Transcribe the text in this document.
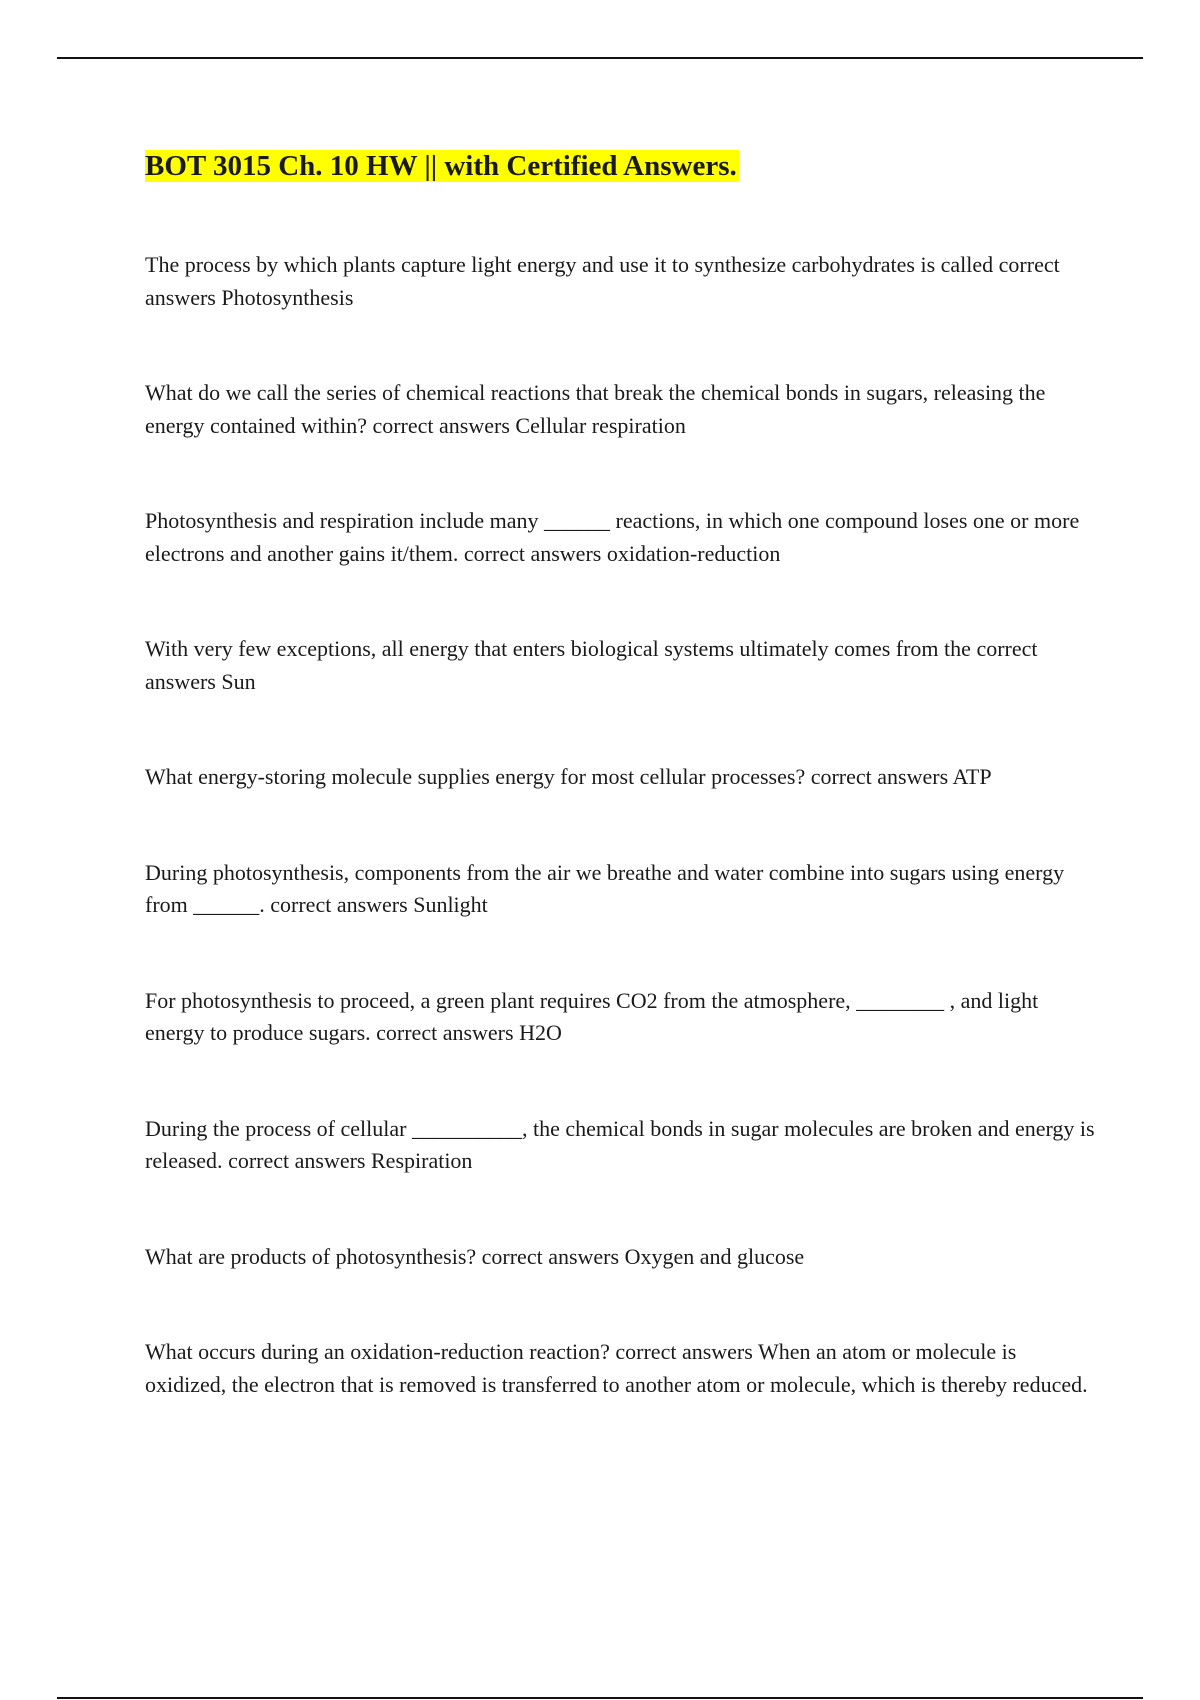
BOT 3015 Ch. 10 HW || with Certified Answers.
The process by which plants capture light energy and use it to synthesize carbohydrates is called correct answers Photosynthesis
What do we call the series of chemical reactions that break the chemical bonds in sugars, releasing the energy contained within? correct answers Cellular respiration
Photosynthesis and respiration include many ______ reactions, in which one compound loses one or more electrons and another gains it/them. correct answers oxidation-reduction
With very few exceptions, all energy that enters biological systems ultimately comes from the correct answers Sun
What energy-storing molecule supplies energy for most cellular processes? correct answers ATP
During photosynthesis, components from the air we breathe and water combine into sugars using energy from ______. correct answers Sunlight
For photosynthesis to proceed, a green plant requires CO2 from the atmosphere, ________ , and light energy to produce sugars. correct answers H2O
During the process of cellular __________, the chemical bonds in sugar molecules are broken and energy is released. correct answers Respiration
What are products of photosynthesis? correct answers Oxygen and glucose
What occurs during an oxidation-reduction reaction? correct answers When an atom or molecule is oxidized, the electron that is removed is transferred to another atom or molecule, which is thereby reduced.
